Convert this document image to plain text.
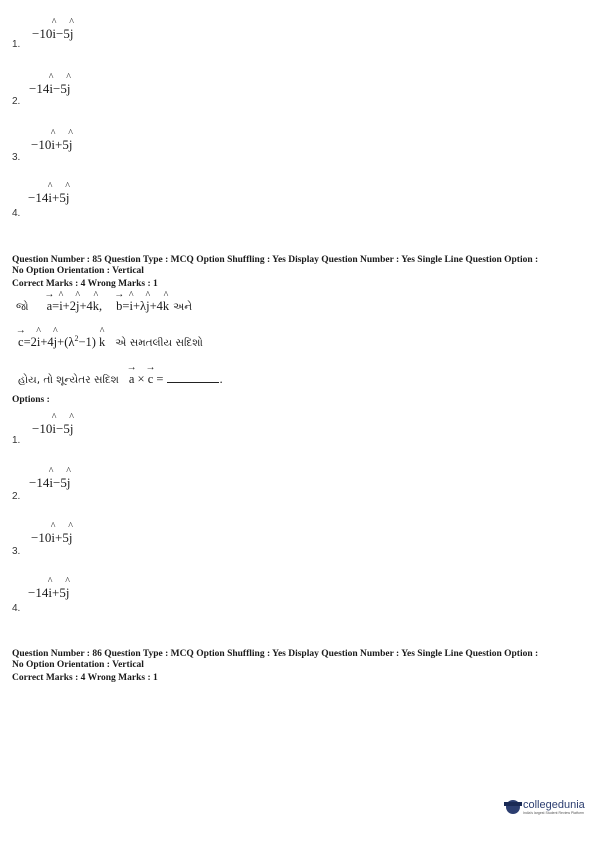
−10^ i−5^ j
1.
−14^ i−5^ j
2.
−10^ i+5^ j
3.
−14^ i+5^ j
4.
Question Number : 85 Question Type : MCQ Option Shuffling : Yes Display Question Number : Yes Single Line Question Option :
No Option Orientation : Vertical
Correct Marks : 4 Wrong Marks : 1
જો → a=^ i+2^ j+4^ k, → b=^ i+λ^ j+4^ k અને
→ c=2^ i+4^ $j+(\lambda^2-1)$ ^ k એ સમતલીય સદિશો
હોય, તો શૂન્યેતર સદિશ → a × → c =	.
Options :
−10^ i−5^ j
1.
−14^ i−5^ j
2.
−10^ i+5^ j
3.
−14^ i+5^ j
4.
Question Number : 86 Question Type : MCQ Option Shuffling : Yes Display Question Number : Yes Single Line Question Option :
No Option Orientation : Vertical
Correct Marks : 4 Wrong Marks : 1
collegedunia
India's largest Student Review Platform
